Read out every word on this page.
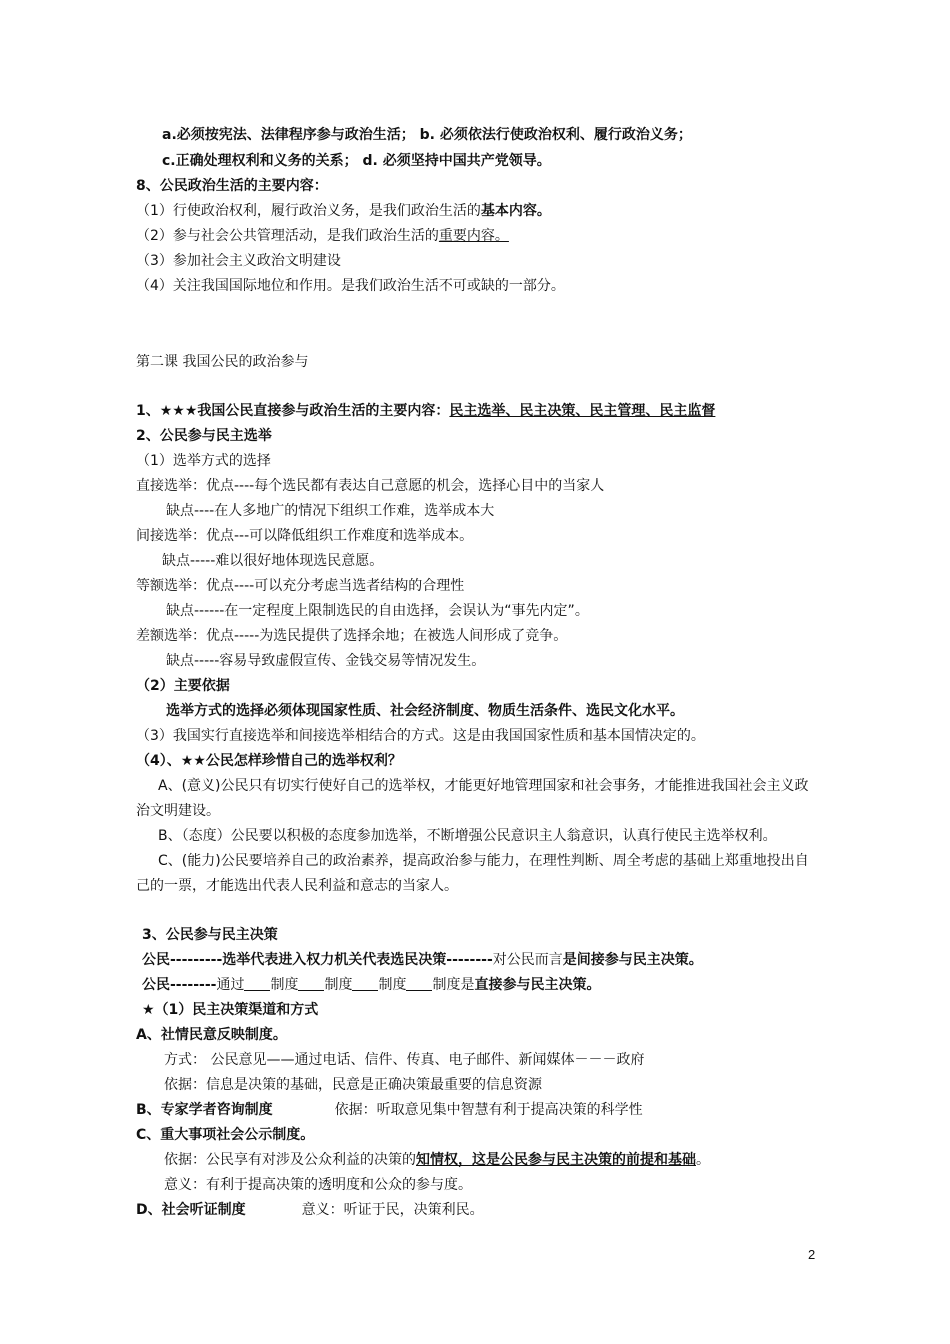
a.必须按宪法、法律程序参与政治生活； b. 必须依法行使政治权利、履行政治义务；
c.正确处理权利和义务的关系； d. 必须坚持中国共产党领导。
8、公民政治生活的主要内容：
（1）行使政治权利，履行政治义务，是我们政治生活的基本内容。
（2）参与社会公共管理活动，是我们政治生活的重要内容。
（3）参加社会主义政治文明建设
（4）关注我国国际地位和作用。是我们政治生活不可或缺的一部分。
第二课 我国公民的政治参与
1、★★★我国公民直接参与政治生活的主要内容：民主选举、民主决策、民主管理、民主监督
2、公民参与民主选举
（1）选举方式的选择
直接选举：优点----每个选民都有表达自己意愿的机会，选择心目中的当家人
缺点----在人多地广的情况下组织工作难，选举成本大
间接选举：优点---可以降低组织工作难度和选举成本。
缺点-----难以很好地体现选民意愿。
等额选举：优点----可以充分考虑当选者结构的合理性
缺点------在一定程度上限制选民的自由选择，会误认为“事先内定”。
差额选举：优点-----为选民提供了选择余地；在被选人间形成了竞争。
缺点-----容易导致虚假宣传、金钱交易等情况发生。
（2）主要依据
选举方式的选择必须体现国家性质、社会经济制度、物质生活条件、选民文化水平。
（3）我国实行直接选举和间接选举相结合的方式。这是由我国国家性质和基本国情决定的。
（4）、★★公民怎样珍惜自己的选举权利？
A、(意义)公民只有切实行使好自己的选举权，才能更好地管理国家和社会事务，才能推进我国社会主义政
治文明建设。
B、（态度）公民要以积极的态度参加选举，不断增强公民意识主人翁意识，认真行使民主选举权利。
C、(能力)公民要培养自己的政治素养，提高政治参与能力，在理性判断、周全考虑的基础上郑重地投出自
己的一票，才能选出代表人民利益和意志的当家人。
3、公民参与民主决策
公民---------选举代表进入权力机关代表选民决策--------对公民而言是间接参与民主决策。
公民--------通过 制度 制度 制度 制度是直接参与民主决策。
★（1）民主决策渠道和方式
A、社情民意反映制度。
方式： 公民意见——通过电话、信件、传真、电子邮件、新闻媒体－－－政府
依据：信息是决策的基础，民意是正确决策最重要的信息资源
B、专家学者咨询制度	依据：听取意见集中智慧有利于提高决策的科学性
C、重大事项社会公示制度。
依据：公民享有对涉及公众利益的决策的知情权，这是公民参与民主决策的前提和基础。
意义：有利于提高决策的透明度和公众的参与度。
D、社会听证制度	意义：听证于民，决策利民。
2
